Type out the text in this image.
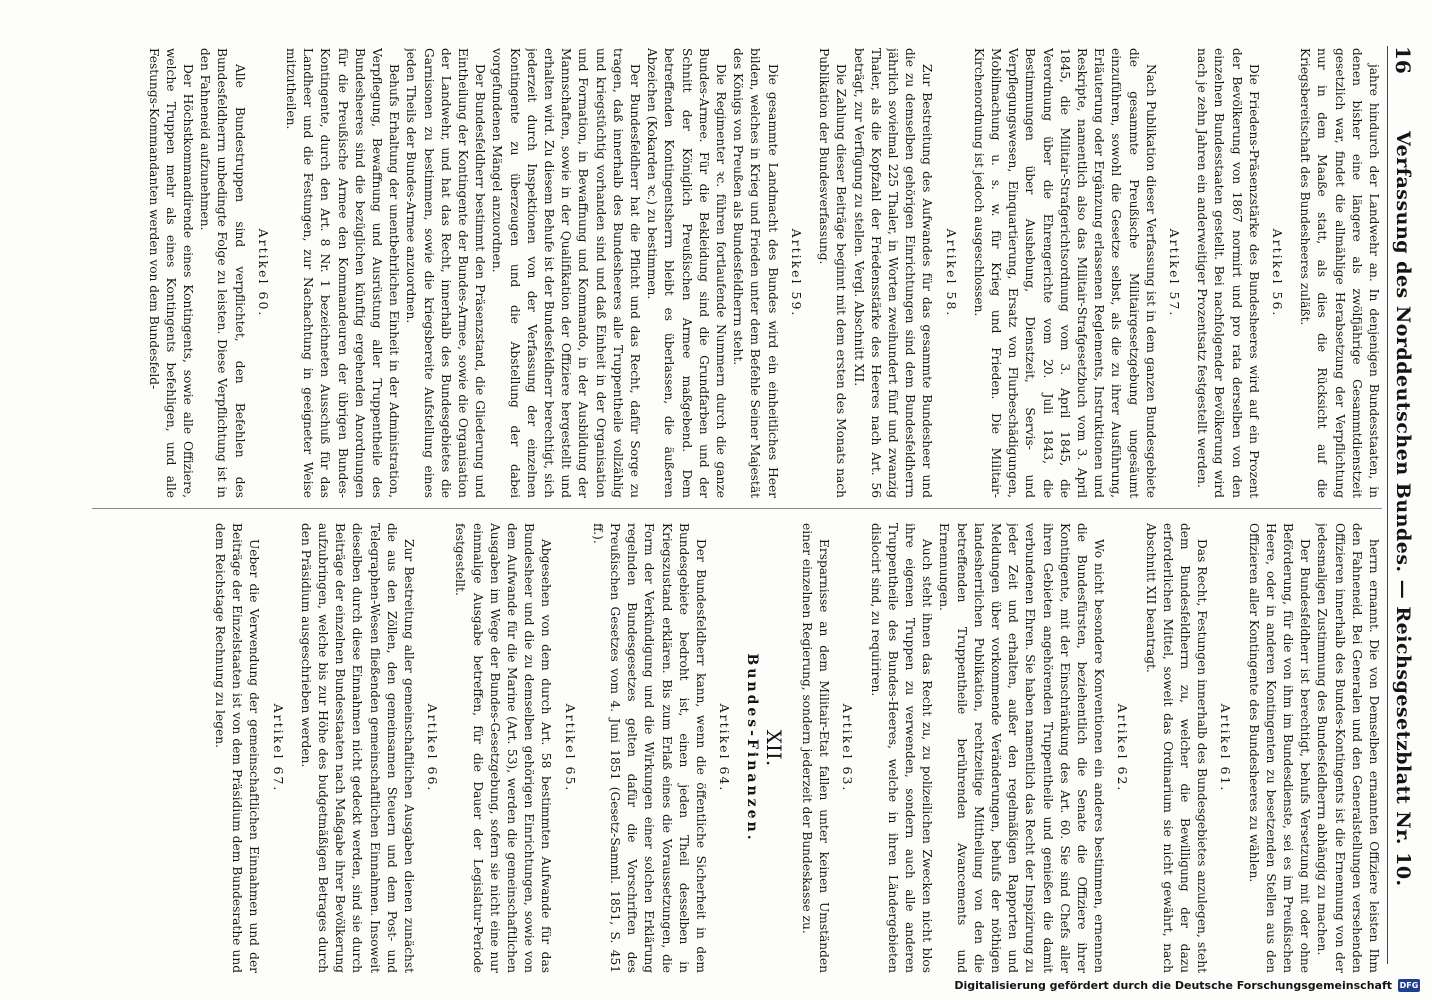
16
Verfassung des Norddeutschen Bundes. — Reichsgesetzblatt Nr. 10.

jahre hindurch der Landwehr an. In denjenigen Bundesstaaten, in denen bisher eine längere als zwölfjährige Gesammtdienstzeit gesetzlich war, findet die allmählige Herabsetzung der Verpflichtung nur in dem Maaße statt, als dies die Rücksicht auf die Kriegsbereitschaft des Bundesheeres zuläßt.

Artikel 56.

Die Friedens-Präsenzstärke des Bundesheeres wird auf ein Prozent der Bevölkerung von 1867 normirt und pro rata derselben von den einzelnen Bundesstaaten gestellt. Bei nachfolgender Bevölkerung wird nach je zehn Jahren ein anderweitiger Prozentsatz festgestellt werden.

Artikel 57.

Nach Publikation dieser Verfassung ist in dem ganzen Bundesgebiete die gesammte Preußische Militairgesetzgebung ungesäumt einzuführen, sowohl die Gesetze selbst, als die zu ihrer Ausführung, Erläuterung oder Ergänzung erlassenen Reglements, Instruktionen und Reskripte, namentlich also das Militair-Strafgesetzbuch vom 3. April 1845, die Militair-Strafgerichtsordnung vom 3. April 1845, die Verordnung über die Ehrengerichte vom 20. Juli 1843, die Bestimmungen über Aushebung, Dienstzeit, Servis- und Verpflegungswesen, Einquartierung, Ersatz von Flurbeschädigungen, Mobilmachung u. s. w. für Krieg und Frieden. Die Militair-Kirchenordnung ist jedoch ausgeschlossen.

Artikel 58.

Zur Bestreitung des Aufwandes für das gesammte Bundesheer und die zu demselben gehörigen Einrichtungen sind dem Bundesfeldherrn jährlich sovielmal 225 Thaler, in Worten zweihundert fünf und zwanzig Thaler, als die Kopfzahl der Friedensstärke des Heeres nach Art. 56 beträgt, zur Verfügung zu stellen. Vergl. Abschnitt XII.

Die Zahlung dieser Beiträge beginnt mit dem ersten des Monats nach Publikation der Bundesverfassung.

Artikel 59.

Die gesammte Landmacht des Bundes wird ein einheitliches Heer bilden, welches in Krieg und Frieden unter dem Befehle Seiner Majestät des Königs von Preußen als Bundesfeldherrn steht.

Die Regimenter ꝛc. führen fortlaufende Nummern durch die ganze Bundes-Armee. Für die Bekleidung sind die Grundfarben und der Schnitt der Königlich Preußischen Armee maßgebend. Dem betreffenden Kontingentsherrn bleibt es überlassen, die äußeren Abzeichen (Kokarden ꝛc.) zu bestimmen.

Der Bundesfeldherr hat die Pflicht und das Recht, dafür Sorge zu tragen, daß innerhalb des Bundesheeres alle Truppentheile vollzählig und kriegstüchtig vorhanden sind und daß Einheit in der Organisation und Formation, in Bewaffnung und Kommando, in der Ausbildung der Mannschaften, sowie in der Qualifikation der Offiziere hergestellt und erhalten wird. Zu diesem Behufe ist der Bundesfeldherr berechtigt, sich jederzeit durch Inspektionen von der Verfassung der einzelnen Kontingente zu überzeugen und die Abstellung der dabei vorgefundenen Mängel anzuordnen.

Der Bundesfeldherr bestimmt den Präsenzstand, die Gliederung und Eintheilung der Kontingente der Bundes-Armee, sowie die Organisation der Landwehr, und hat das Recht, innerhalb des Bundesgebietes die Garnisonen zu bestimmen, sowie die kriegsbereite Aufstellung eines jeden Theils der Bundes-Armee anzuordnen.

Behufs Erhaltung der unentbehrlichen Einheit in der Administration, Verpflegung, Bewaffnung und Ausrüstung aller Truppentheile des Bundesheeres sind die bezüglichen künftig ergehenden Anordnungen für die Preußische Armee den Kommandeuren der übrigen Bundes-Kontingente, durch den Art. 8 Nr. 1 bezeichneten Ausschuß für das Landheer und die Festungen, zur Nachachtung in geeigneter Weise mitzutheilen.

Artikel 60.

Alle Bundestruppen sind verpflichtet, den Befehlen des Bundesfeldherrn unbedingte Folge zu leisten. Diese Verpflichtung ist in den Fahneneid aufzunehmen.

Der Höchstkommandirende eines Kontingents, sowie alle Offiziere, welche Truppen mehr als eines Kontingents befehligen, und alle Festungs-Kommandanten werden von dem Bundesfeld-

herrn ernannt. Die von Demselben ernannten Offiziere leisten Ihm den Fahneneid. Bei Generalen und den Generalstellungen versehenden Offizieren innerhalb des Bundes-Kontingents ist die Ernennung von der jedesmaligen Zustimmung des Bundesfeldherrn abhängig zu machen.

Der Bundesfeldherr ist berechtigt, behufs Versetzung mit oder ohne Beförderung, für die von ihm im Bundesdienste, sei es im Preußischen Heere, oder in anderen Kontingenten zu besetzenden Stellen aus den Offizieren aller Kontingente des Bundesheeres zu wählen.

Artikel 61.

Das Recht, Festungen innerhalb des Bundesgebietes anzulegen, steht dem Bundesfeldherrn zu, welcher die Bewilligung der dazu erforderlichen Mittel, soweit das Ordinarium sie nicht gewährt, nach Abschnitt XII beantragt.

Artikel 62.

Wo nicht besondere Konventionen ein anderes bestimmen, ernennen die Bundesfürsten, beziehentlich die Senate die Offiziere ihrer Kontingente, mit der Einschränkung des Art. 60. Sie sind Chefs aller ihren Gebieten angehörenden Truppentheile und genießen die damit verbundenen Ehren. Sie haben namentlich das Recht der Inspizirung zu jeder Zeit und erhalten, außer den regelmäßigen Rapporten und Meldungen über vorkommende Veränderungen, behufs der nöthigen landesherrlichen Publikation, rechtzeitige Mittheilung von den die betreffenden Truppentheile berührenden Avancements und Ernennungen.

Auch steht ihnen das Recht zu, zu polizeilichen Zwecken nicht blos ihre eigenen Truppen zu verwenden, sondern auch alle anderen Truppentheile des Bundes-Heeres, welche in ihren Ländergebieten dislocirt sind, zu requiriren.

Artikel 63.

Ersparnisse an dem Militair-Etat fallen unter keinen Umständen einer einzelnen Regierung, sondern jederzeit der Bundeskasse zu.

XII.
Bundes-Finanzen.
Artikel 64.

Der Bundesfeldherr kann, wenn die öffentliche Sicherheit in dem Bundesgebiete bedroht ist, einen jeden Theil desselben in Kriegszustand erklären. Bis zum Erlaß eines die Voraussetzungen, die Form der Verkündigung und die Wirkungen einer solchen Erklärung regelnden Bundesgesetzes gelten dafür die Vorschriften des Preußischen Gesetzes vom 4. Juni 1851 (Gesetz-Samml. 1851, S. 451 ff.).

Artikel 65.

Abgesehen von dem durch Art. 58 bestimmten Aufwande für das Bundesheer und die zu demselben gehörigen Einrichtungen, sowie von dem Aufwande für die Marine (Art. 53), werden die gemeinschaftlichen Ausgaben im Wege der Bundes-Gesetzgebung, sofern sie nicht eine nur einmalige Ausgabe betreffen, für die Dauer der Legislatur-Periode festgestellt.

Artikel 66.

Zur Bestreitung aller gemeinschaftlichen Ausgaben dienen zunächst die aus den Zöllen, den gemeinsamen Steuern und dem Post- und Telegraphen-Wesen fließenden gemeinschaftlichen Einnahmen. Insoweit dieselben durch diese Einnahmen nicht gedeckt werden, sind sie durch Beiträge der einzelnen Bundesstaaten nach Maßgabe ihrer Bevölkerung aufzubringen, welche bis zur Höhe des budgetmäßigen Betrages durch den Präsidium ausgeschrieben werden.

Artikel 67.

Ueber die Verwendung der gemeinschaftlichen Einnahmen und der Beiträge der Einzelstaaten ist von dem Präsidium dem Bundesrathe und dem Reichstage Rechnung zu legen.

Digitalisierung gefördert durch die Deutsche Forschungsgemeinschaft DFG
